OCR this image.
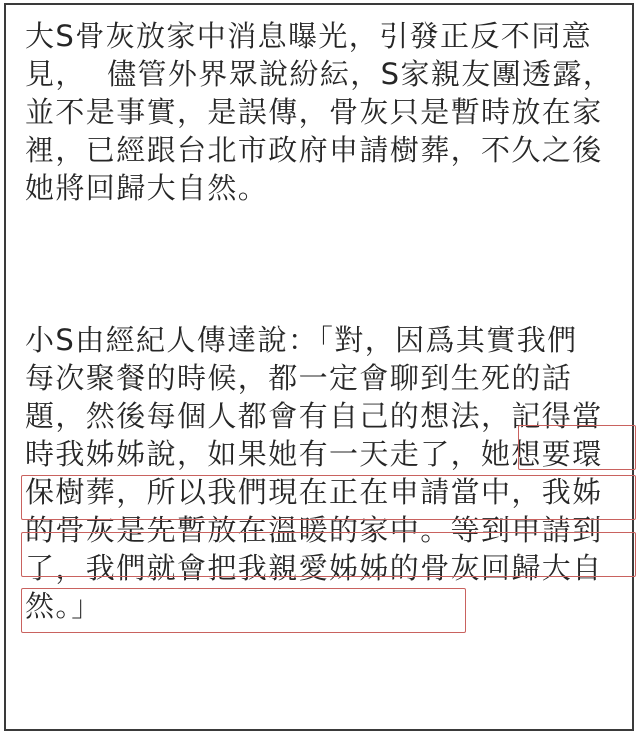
大S骨灰放家中消息曝光，引發正反不同意
見，  儘管外界眾說紛紜，S家親友團透露，
並不是事實，是誤傳，骨灰只是暫時放在家
裡，已經跟台北市政府申請樹葬，不久之後
她將回歸大自然。
小S由經紀人傳達說：「對，因爲其實我們
每次聚餐的時候，都一定會聊到生死的話
題，然後每個人都會有自己的想法，記得當
時我姊姊說，如果她有一天走了，她想要環
保樹葬，所以我們現在正在申請當中，我姊
的骨灰是先暫放在溫暖的家中。等到申請到
了，我們就會把我親愛姊姊的骨灰回歸大自
然。」
